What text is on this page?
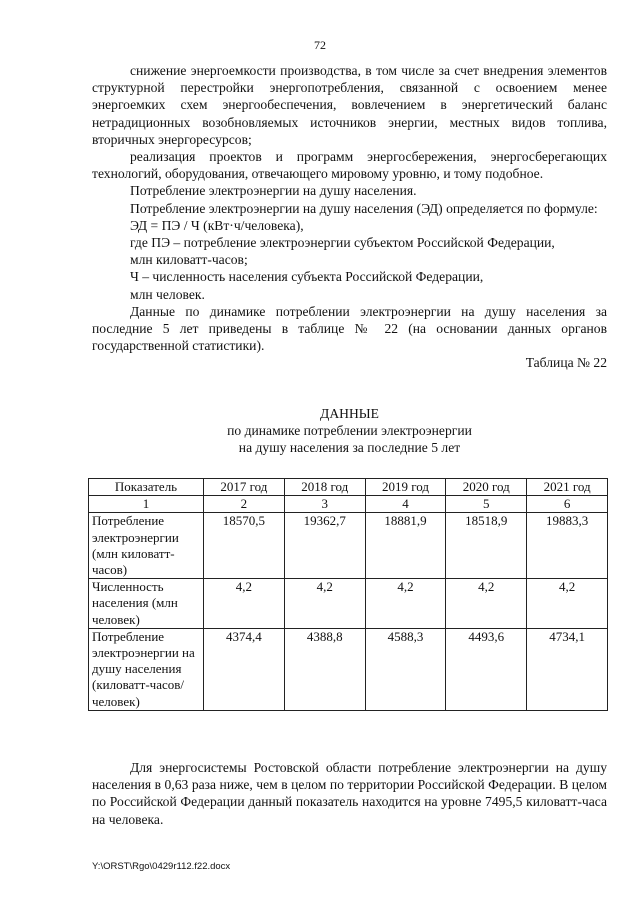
72

снижение энергоемкости производства, в том числе за счет внедрения элементов структурной перестройки энергопотребления, связанной с освоением менее энергоемких схем энергообеспечения, вовлечением в энергетический баланс нетрадиционных возобновляемых источников энергии, местных видов топлива, вторичных энергоресурсов;

реализация проектов и программ энергосбережения, энергосберегающих технологий, оборудования, отвечающего мировому уровню, и тому подобное.

Потребление электроэнергии на душу населения.

Потребление электроэнергии на душу населения (ЭД) определяется по формуле:

ЭД = ПЭ / Ч (кВт·ч/человека),

где ПЭ – потребление электроэнергии субъектом Российской Федерации,

млн киловатт-часов;

Ч – численность населения субъекта Российской Федерации,

млн человек.

Данные по динамике потреблении электроэнергии на душу населения за последние 5 лет приведены в таблице № 22 (на основании данных органов государственной статистики).

Таблица № 22

ДАННЫЕ
по динамике потреблении электроэнергии
на душу населения за последние 5 лет
Показатель	2017 год	2018 год	2019 год	2020 год	2021 год
1	2	3	4	5	6
Потребление электроэнергии (млн киловатт-часов)	18570,5	19362,7	18881,9	18518,9	19883,3
Численность населения (млн человек)	4,2	4,2	4,2	4,2	4,2
Потребление электроэнергии на душу населения (киловатт-часов/человек)	4374,4	4388,8	4588,3	4493,6	4734,1

Для энергосистемы Ростовской области потребление электроэнергии на душу населения в 0,63 раза ниже, чем в целом по территории Российской Федерации. В целом по Российской Федерации данный показатель находится на уровне 7495,5 киловатт-часа на человека.

Y:\ORST\Rgo\0429r112.f22.docx
